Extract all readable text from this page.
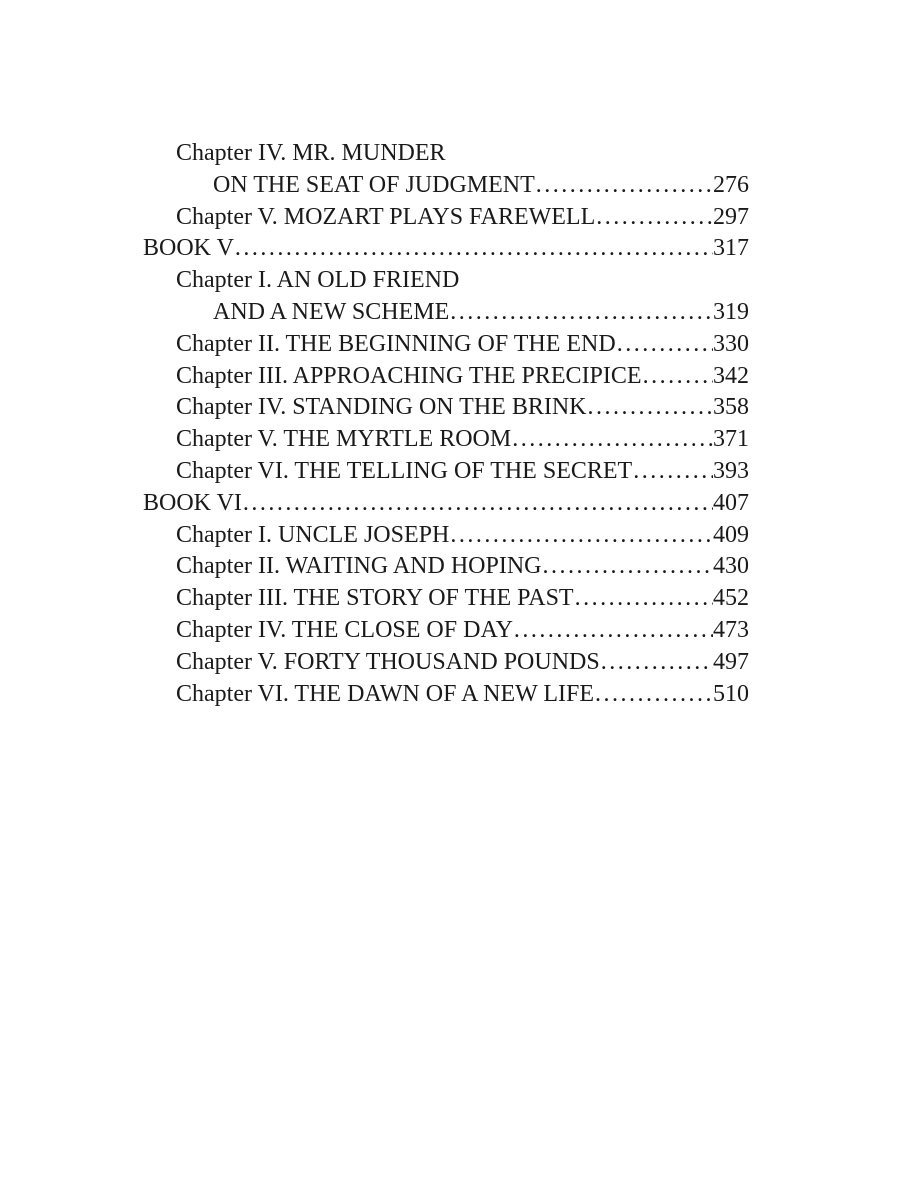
Chapter IV. MR. MUNDER
ON THE SEAT OF JUDGMENT .....	276
Chapter V. MOZART PLAYS FAREWELL .....	297
BOOK V .....	317
Chapter I. AN OLD FRIEND
AND A NEW SCHEME .....	319
Chapter II. THE BEGINNING OF THE END .....	330
Chapter III. APPROACHING THE PRECIPICE .....	342
Chapter IV. STANDING ON THE BRINK .....	358
Chapter V. THE MYRTLE ROOM .....	371
Chapter VI. THE TELLING OF THE SECRET .....	393
BOOK VI .....	407
Chapter I. UNCLE JOSEPH .....	409
Chapter II. WAITING AND HOPING .....	430
Chapter III. THE STORY OF THE PAST .....	452
Chapter IV. THE CLOSE OF DAY .....	473
Chapter V. FORTY THOUSAND POUNDS .....	497
Chapter VI. THE DAWN OF A NEW LIFE .....	510
